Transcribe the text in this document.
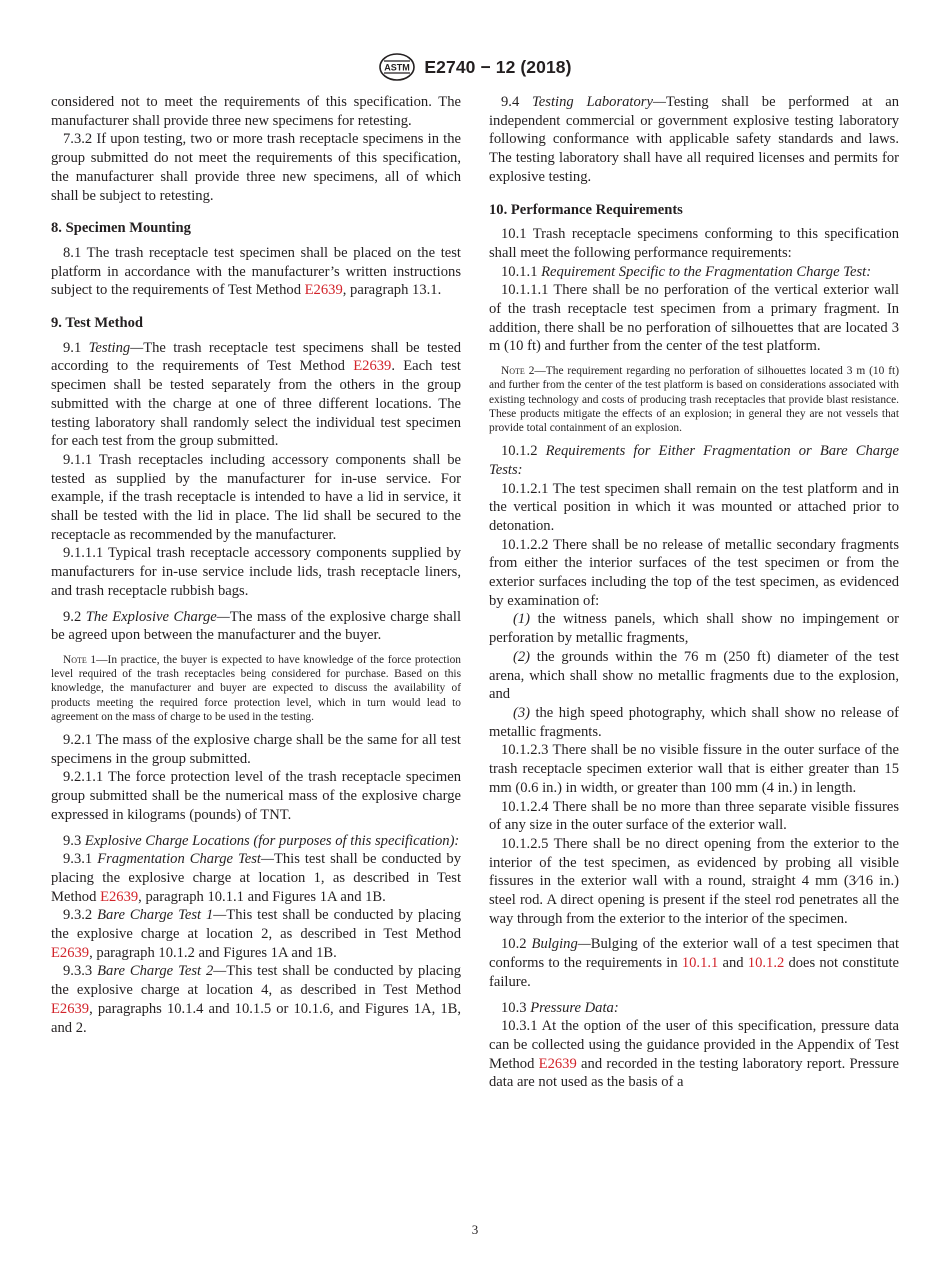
ASTM E2740 − 12 (2018)

considered not to meet the requirements of this specification. The manufacturer shall provide three new specimens for retesting.

7.3.2 If upon testing, two or more trash receptacle specimens in the group submitted do not meet the requirements of this specification, the manufacturer shall provide three new specimens, all of which shall be subject to retesting.

8. Specimen Mounting

8.1 The trash receptacle test specimen shall be placed on the test platform in accordance with the manufacturer’s written instructions subject to the requirements of Test Method E2639, paragraph 13.1.

9. Test Method

9.1 Testing—The trash receptacle test specimens shall be tested according to the requirements of Test Method E2639. Each test specimen shall be tested separately from the others in the group submitted with the charge at one of three different locations. The testing laboratory shall randomly select the individual test specimen for each test from the group submitted.

9.1.1 Trash receptacles including accessory components shall be tested as supplied by the manufacturer for in-use service. For example, if the trash receptacle is intended to have a lid in service, it shall be tested with the lid in place. The lid shall be secured to the receptacle as recommended by the manufacturer.

9.1.1.1 Typical trash receptacle accessory components supplied by manufacturers for in-use service include lids, trash receptacle liners, and trash receptacle rubbish bags.

9.2 The Explosive Charge—The mass of the explosive charge shall be agreed upon between the manufacturer and the buyer.

Note 1—In practice, the buyer is expected to have knowledge of the force protection level required of the trash receptacles being considered for purchase. Based on this knowledge, the manufacturer and buyer are expected to discuss the availability of products meeting the required force protection level, which in turn would lead to agreement on the mass of charge to be used in the testing.

9.2.1 The mass of the explosive charge shall be the same for all test specimens in the group submitted.

9.2.1.1 The force protection level of the trash receptacle specimen group submitted shall be the numerical mass of the explosive charge expressed in kilograms (pounds) of TNT.

9.3 Explosive Charge Locations (for purposes of this specification):

9.3.1 Fragmentation Charge Test—This test shall be conducted by placing the explosive charge at location 1, as described in Test Method E2639, paragraph 10.1.1 and Figures 1A and 1B.

9.3.2 Bare Charge Test 1—This test shall be conducted by placing the explosive charge at location 2, as described in Test Method E2639, paragraph 10.1.2 and Figures 1A and 1B.

9.3.3 Bare Charge Test 2—This test shall be conducted by placing the explosive charge at location 4, as described in Test Method E2639, paragraphs 10.1.4 and 10.1.5 or 10.1.6, and Figures 1A, 1B, and 2.

9.4 Testing Laboratory—Testing shall be performed at an independent commercial or government explosive testing laboratory following conformance with applicable safety standards and laws. The testing laboratory shall have all required licenses and permits for explosive testing.

10. Performance Requirements

10.1 Trash receptacle specimens conforming to this specification shall meet the following performance requirements:

10.1.1 Requirement Specific to the Fragmentation Charge Test:

10.1.1.1 There shall be no perforation of the vertical exterior wall of the trash receptacle test specimen from a primary fragment. In addition, there shall be no perforation of silhouettes that are located 3 m (10 ft) and further from the center of the test platform.

Note 2—The requirement regarding no perforation of silhouettes located 3 m (10 ft) and further from the center of the test platform is based on considerations associated with existing technology and costs of producing trash receptacles that provide blast resistance. These products mitigate the effects of an explosion; in general they are not vessels that provide total containment of an explosion.

10.1.2 Requirements for Either Fragmentation or Bare Charge Tests:

10.1.2.1 The test specimen shall remain on the test platform and in the vertical position in which it was mounted or attached prior to detonation.

10.1.2.2 There shall be no release of metallic secondary fragments from either the interior surfaces of the test specimen or from the exterior surfaces including the top of the test specimen, as evidenced by examination of:

(1) the witness panels, which shall show no impingement or perforation by metallic fragments,

(2) the grounds within the 76 m (250 ft) diameter of the test arena, which shall show no metallic fragments due to the explosion, and

(3) the high speed photography, which shall show no release of metallic fragments.

10.1.2.3 There shall be no visible fissure in the outer surface of the trash receptacle specimen exterior wall that is either greater than 15 mm (0.6 in.) in width, or greater than 100 mm (4 in.) in length.

10.1.2.4 There shall be no more than three separate visible fissures of any size in the outer surface of the exterior wall.

10.1.2.5 There shall be no direct opening from the exterior to the interior of the test specimen, as evidenced by probing all visible fissures in the exterior wall with a round, straight 4 mm (3⁄16 in.) steel rod. A direct opening is present if the steel rod penetrates all the way through from the exterior to the interior of the specimen.

10.2 Bulging—Bulging of the exterior wall of a test specimen that conforms to the requirements in 10.1.1 and 10.1.2 does not constitute failure.

10.3 Pressure Data:

10.3.1 At the option of the user of this specification, pressure data can be collected using the guidance provided in the Appendix of Test Method E2639 and recorded in the testing laboratory report. Pressure data are not used as the basis of a

3
